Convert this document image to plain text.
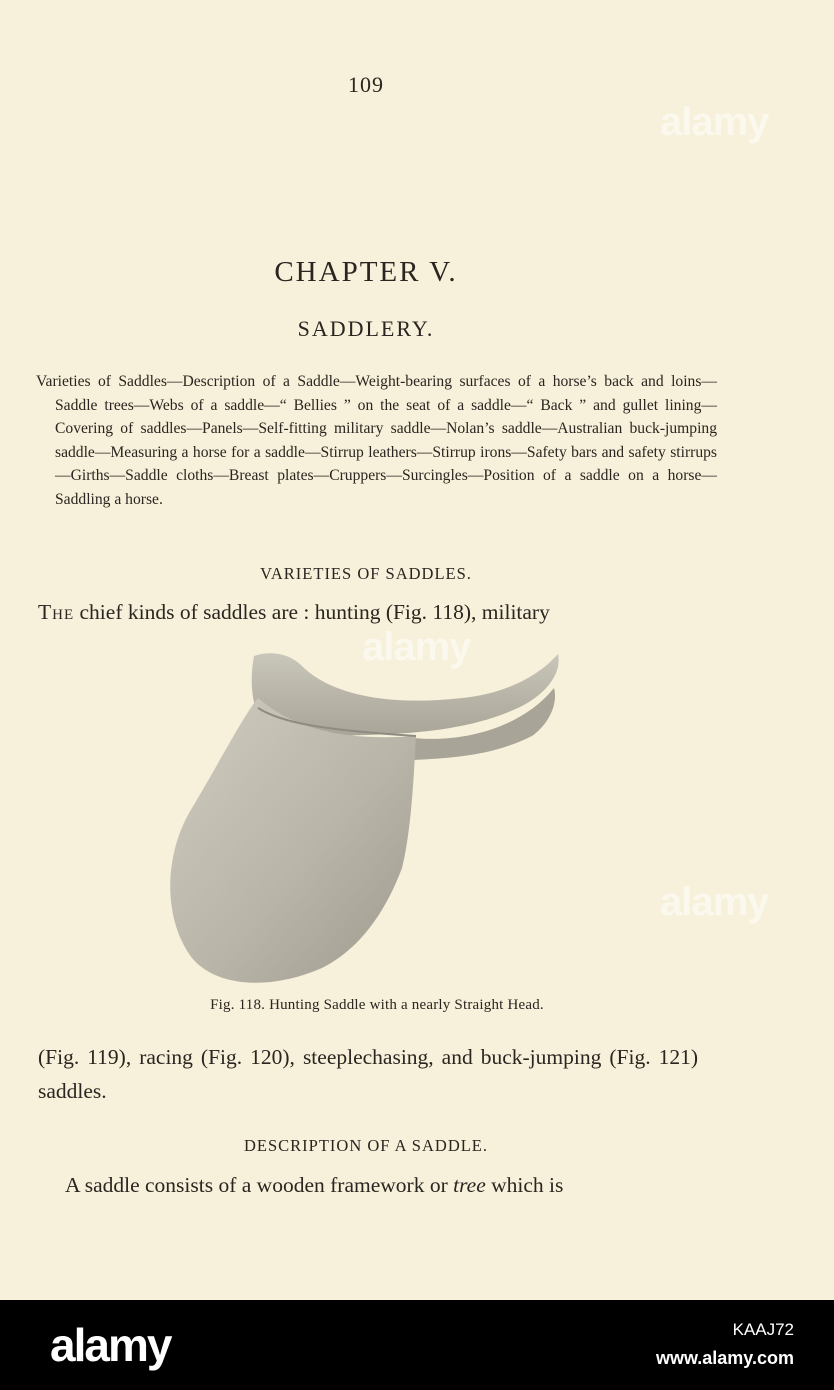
109
CHAPTER V.
SADDLERY.
Varieties of Saddles—Description of a Saddle—Weight-bearing surfaces of a horse’s back and loins—Saddle trees—Webs of a saddle—“ Bellies ” on the seat of a saddle—“ Back ” and gullet lining—Covering of saddles—Panels—Self-fitting military saddle—Nolan’s saddle—Australian buck-jumping saddle—Measuring a horse for a saddle—Stirrup leathers—Stirrup irons—Safety bars and safety stirrups—Girths—Saddle cloths—Breast plates—Cruppers—Surcingles—Position of a saddle on a horse—Saddling a horse.
VARIETIES OF SADDLES.
The chief kinds of saddles are : hunting (Fig. 118), military
Fig. 118. Hunting Saddle with a nearly Straight Head.
(Fig. 119), racing (Fig. 120), steeplechasing, and buck-jumping (Fig. 121) saddles.
DESCRIPTION OF A SADDLE.
A saddle consists of a wooden framework or tree which is
alamy
alamy
alamy
alamy	KAAJ72
www.alamy.com
